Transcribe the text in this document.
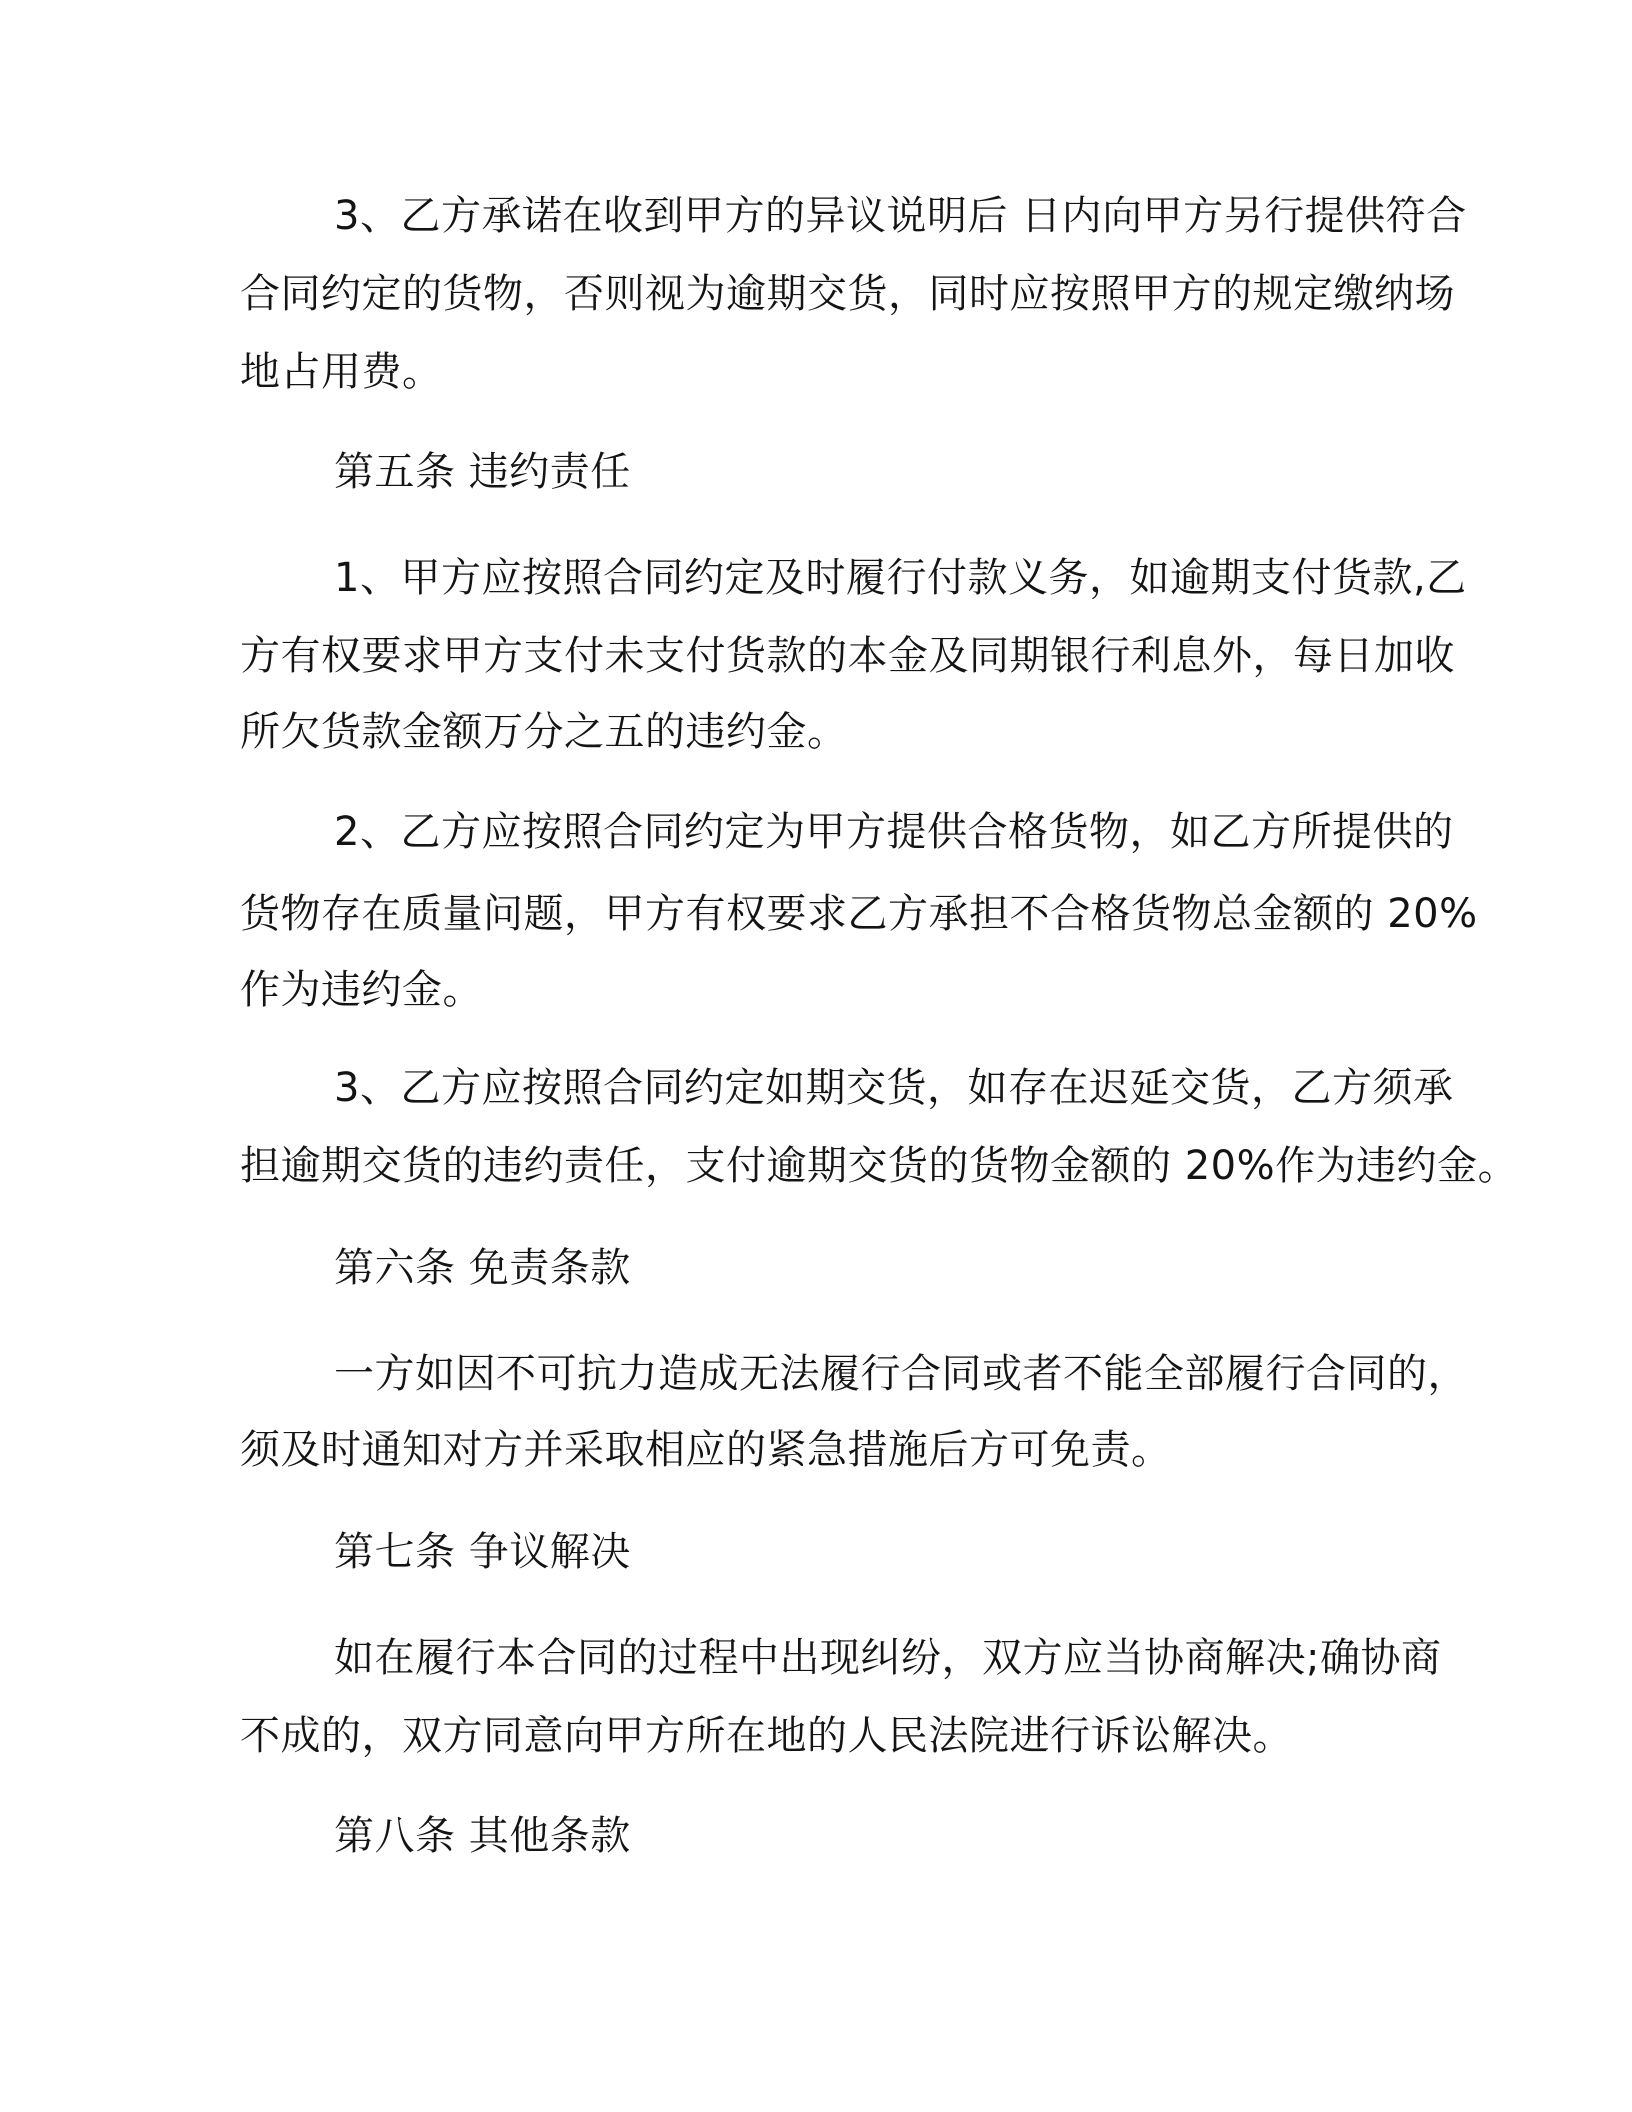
3、乙方承诺在收到甲方的异议说明后 日内向甲方另行提供符合

合同约定的货物，否则视为逾期交货，同时应按照甲方的规定缴纳场

地占用费。

第五条 违约责任

1、甲方应按照合同约定及时履行付款义务，如逾期支付货款,乙

方有权要求甲方支付未支付货款的本金及同期银行利息外，每日加收

所欠货款金额万分之五的违约金。

2、乙方应按照合同约定为甲方提供合格货物，如乙方所提供的

货物存在质量问题，甲方有权要求乙方承担不合格货物总金额的 20%

作为违约金。

3、乙方应按照合同约定如期交货，如存在迟延交货，乙方须承

担逾期交货的违约责任，支付逾期交货的货物金额的 20%作为违约金。

第六条 免责条款

一方如因不可抗力造成无法履行合同或者不能全部履行合同的，

须及时通知对方并采取相应的紧急措施后方可免责。

第七条 争议解决

如在履行本合同的过程中出现纠纷，双方应当协商解决;确协商

不成的，双方同意向甲方所在地的人民法院进行诉讼解决。

第八条 其他条款
